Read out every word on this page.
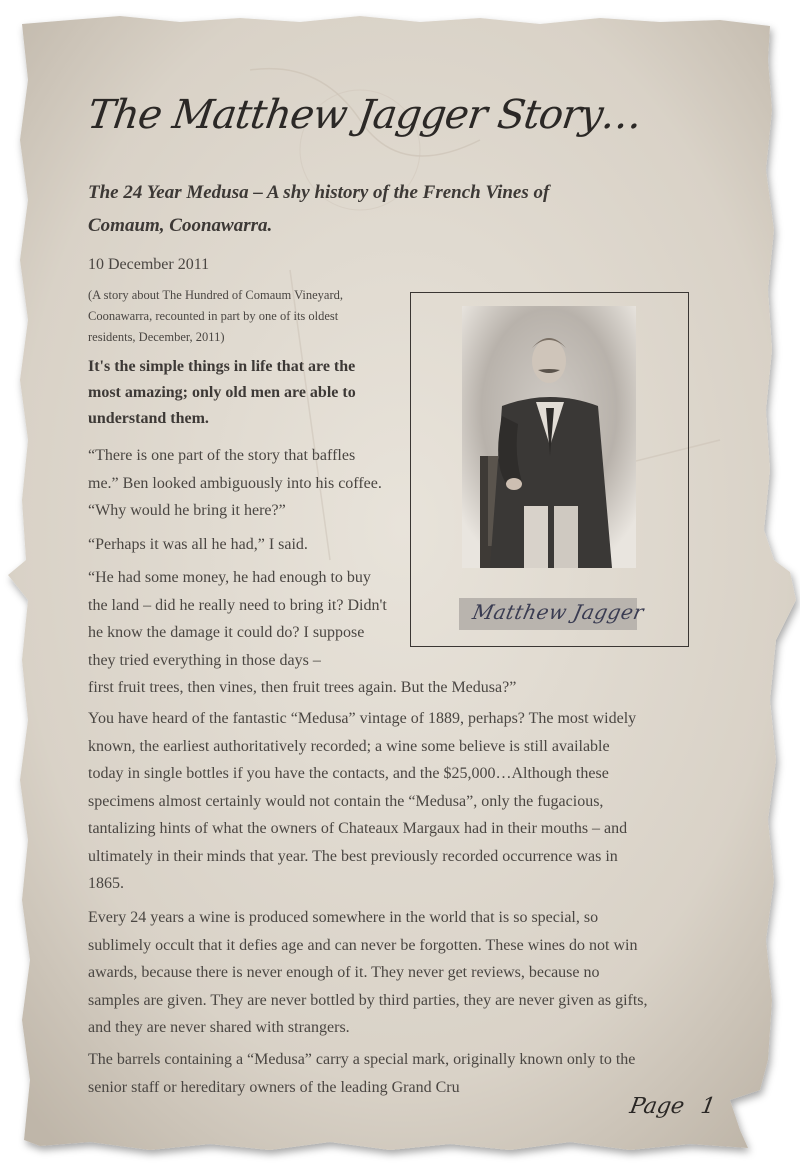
The Matthew Jagger Story…
The 24 Year Medusa – A shy history of the French Vines of Comaum, Coonawarra.
10 December 2011
(A story about The Hundred of Comaum Vineyard, Coonawarra, recounted in part by one of its oldest residents, December, 2011)
It's the simple things in life that are the most amazing; only old men are able to understand them.
“There is one part of the story that baffles me.” Ben looked ambiguously into his coffee. “Why would he bring it here?”
“Perhaps it was all he had,” I said.
“He had some money, he had enough to buy the land – did he really need to bring it? Didn't he know the damage it could do? I suppose they tried everything in those days –
first fruit trees, then vines, then fruit trees again. But the Medusa?”
You have heard of the fantastic “Medusa” vintage of 1889, perhaps? The most widely known, the earliest authoritatively recorded; a wine some believe is still available today in single bottles if you have the contacts, and the $25,000…Although these specimens almost certainly would not contain the “Medusa”, only the fugacious, tantalizing hints of what the owners of Chateaux Margaux had in their mouths – and ultimately in their minds that year. The best previously recorded occurrence was in 1865.
Every 24 years a wine is produced somewhere in the world that is so special, so sublimely occult that it defies age and can never be forgotten. These wines do not win awards, because there is never enough of it. They never get reviews, because no samples are given. They are never bottled by third parties, they are never given as gifts, and they are never shared with strangers.
The barrels containing a “Medusa” carry a special mark, originally known only to the senior staff or hereditary owners of the leading Grand Cru
Matthew Jagger
Page 1
